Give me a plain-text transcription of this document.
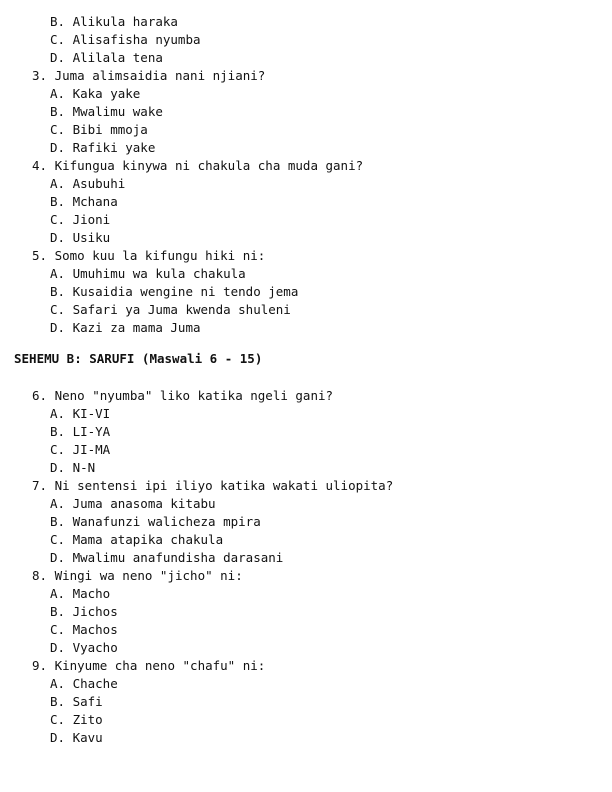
B. Alikula haraka
C. Alisafisha nyumba
D. Alilala tena
3. Juma alimsaidia nani njiani?
A. Kaka yake
B. Mwalimu wake
C. Bibi mmoja
D. Rafiki yake
4. Kifungua kinywa ni chakula cha muda gani?
A. Asubuhi
B. Mchana
C. Jioni
D. Usiku
5. Somo kuu la kifungu hiki ni:
A. Umuhimu wa kula chakula
B. Kusaidia wengine ni tendo jema
C. Safari ya Juma kwenda shuleni
D. Kazi za mama Juma
SEHEMU B: SARUFI (Maswali 6 - 15)
6. Neno "nyumba" liko katika ngeli gani?
A. KI-VI
B. LI-YA
C. JI-MA
D. N-N
7. Ni sentensi ipi iliyo katika wakati uliopita?
A. Juma anasoma kitabu
B. Wanafunzi walicheza mpira
C. Mama atapika chakula
D. Mwalimu anafundisha darasani
8. Wingi wa neno "jicho" ni:
A. Macho
B. Jichos
C. Machos
D. Vyacho
9. Kinyume cha neno "chafu" ni:
A. Chache
B. Safi
C. Zito
D. Kavu
